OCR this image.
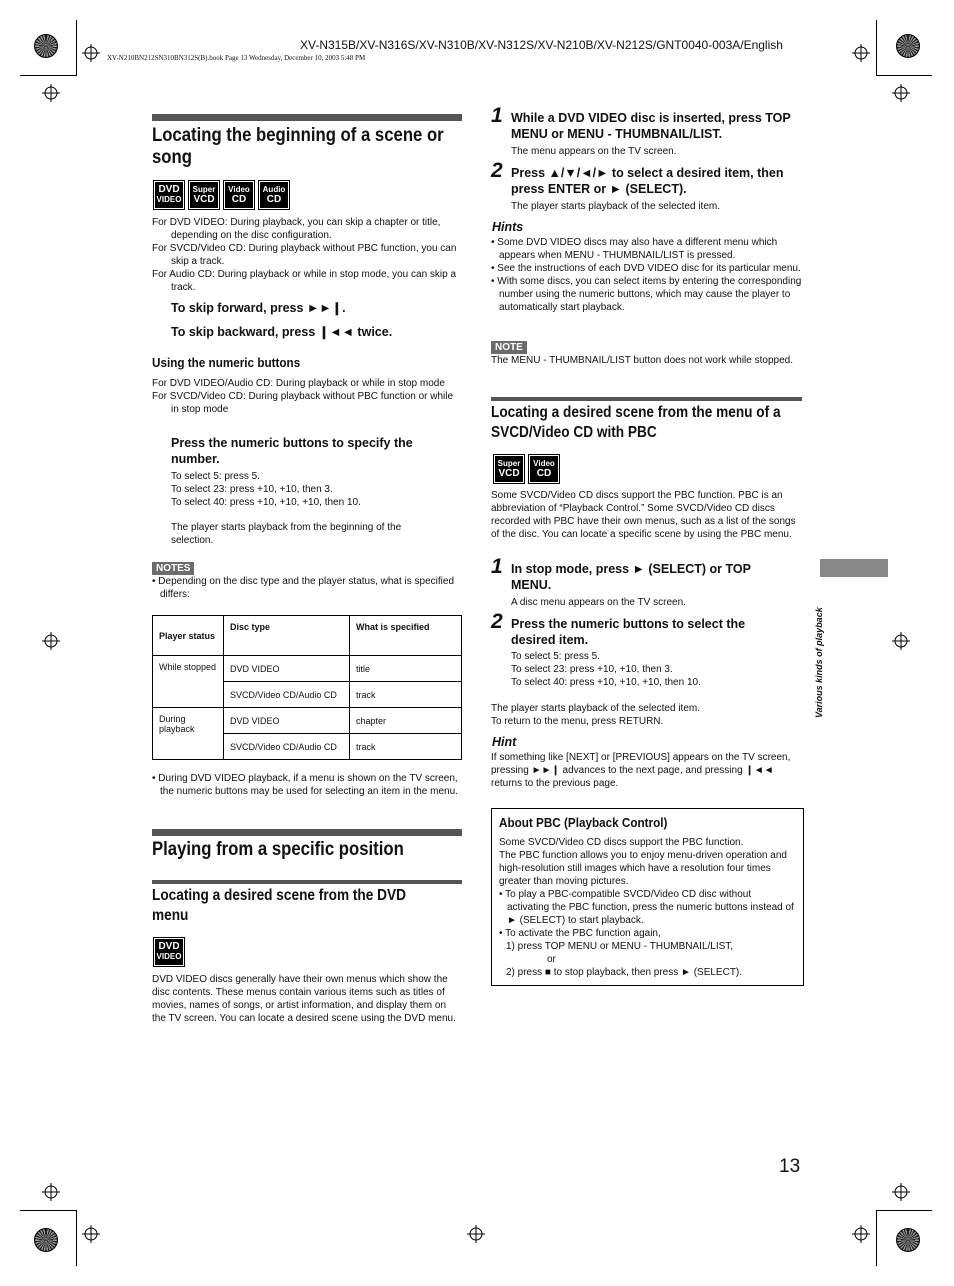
XV-N315B/XV-N316S/XV-N310B/XV-N312S/XV-N210B/XV-N212S/GNT0040-003A/English
XV-N210BN212SN310BN312S(B).book Page 13 Wednesday, December 10, 2003 5:48 PM
Locating the beginning of a scene or
song
DVD
VIDEO
Super
VCD
Video
CD
Audio
CD

For DVD VIDEO: During playback, you can skip a chapter or title, depending on the disc configuration.

For SVCD/Video CD: During playback without PBC function, you can skip a track.

For Audio CD: During playback or while in stop mode, you can skip a track.

To skip forward, press ►►❙.
To skip backward, press ❙◄◄ twice.
Using the numeric buttons

For DVD VIDEO/Audio CD: During playback or while in stop mode

For SVCD/Video CD: During playback without PBC function or while in stop mode

Press the numeric buttons to specify the number.
To select 5: press 5.
To select 23: press +10, +10, then 3.
To select 40: press +10, +10, +10, then 10.
The player starts playback from the beginning of the selection.
NOTES

• Depending on the disc type and the player status, what is specified differs:

Player status	Disc type	What is specified
While stopped	DVD VIDEO	title
	SVCD/Video CD/Audio CD	track
During playback	DVD VIDEO	chapter
	SVCD/Video CD/Audio CD	track

• During DVD VIDEO playback, if a menu is shown on the TV screen, the numeric buttons may be used for selecting an item in the menu.

Playing from a specific position
Locating a desired scene from the DVD menu
DVD
VIDEO
DVD VIDEO discs generally have their own menus which show the disc contents. These menus contain various items such as titles of movies, names of songs, or artist information, and display them on the TV screen. You can locate a desired scene using the DVD menu.
1 While a DVD VIDEO disc is inserted, press TOP MENU or MENU - THUMBNAIL/LIST.
The menu appears on the TV screen.
2 Press ▲/▼/◄/► to select a desired item, then press ENTER or ► (SELECT).
The player starts playback of the selected item.
Hints

• Some DVD VIDEO discs may also have a different menu which appears when MENU - THUMBNAIL/LIST is pressed.

• See the instructions of each DVD VIDEO disc for its particular menu.

• With some discs, you can select items by entering the corresponding number using the numeric buttons, which may cause the player to automatically start playback.

NOTE
The MENU - THUMBNAIL/LIST button does not work while stopped.
Locating a desired scene from the menu of a SVCD/Video CD with PBC
Super
VCD
Video
CD
Some SVCD/Video CD discs support the PBC function. PBC is an abbreviation of “Playback Control.” Some SVCD/Video CD discs recorded with PBC have their own menus, such as a list of the songs of the disc. You can locate a specific scene by using the PBC menu.
1 In stop mode, press ► (SELECT) or TOP MENU.
A disc menu appears on the TV screen.
2 Press the numeric buttons to select the desired item.
To select 5: press 5.
To select 23: press +10, +10, then 3.
To select 40: press +10, +10, +10, then 10.
The player starts playback of the selected item.
To return to the menu, press RETURN.
Hint
If something like [NEXT] or [PREVIOUS] appears on the TV screen, pressing ►►❙ advances to the next page, and pressing ❙◄◄ returns to the previous page.
About PBC (Playback Control)
Some SVCD/Video CD discs support the PBC function.
The PBC function allows you to enjoy menu-driven operation and high-resolution still images which have a resolution four times greater than moving pictures.

• To play a PBC-compatible SVCD/Video CD disc without activating the PBC function, press the numeric buttons instead of ► (SELECT) to start playback.

• To activate the PBC function again,

1) press TOP MENU or MENU - THUMBNAIL/LIST,
or
2) press ■ to stop playback, then press ► (SELECT).
Various kinds of playback
13
